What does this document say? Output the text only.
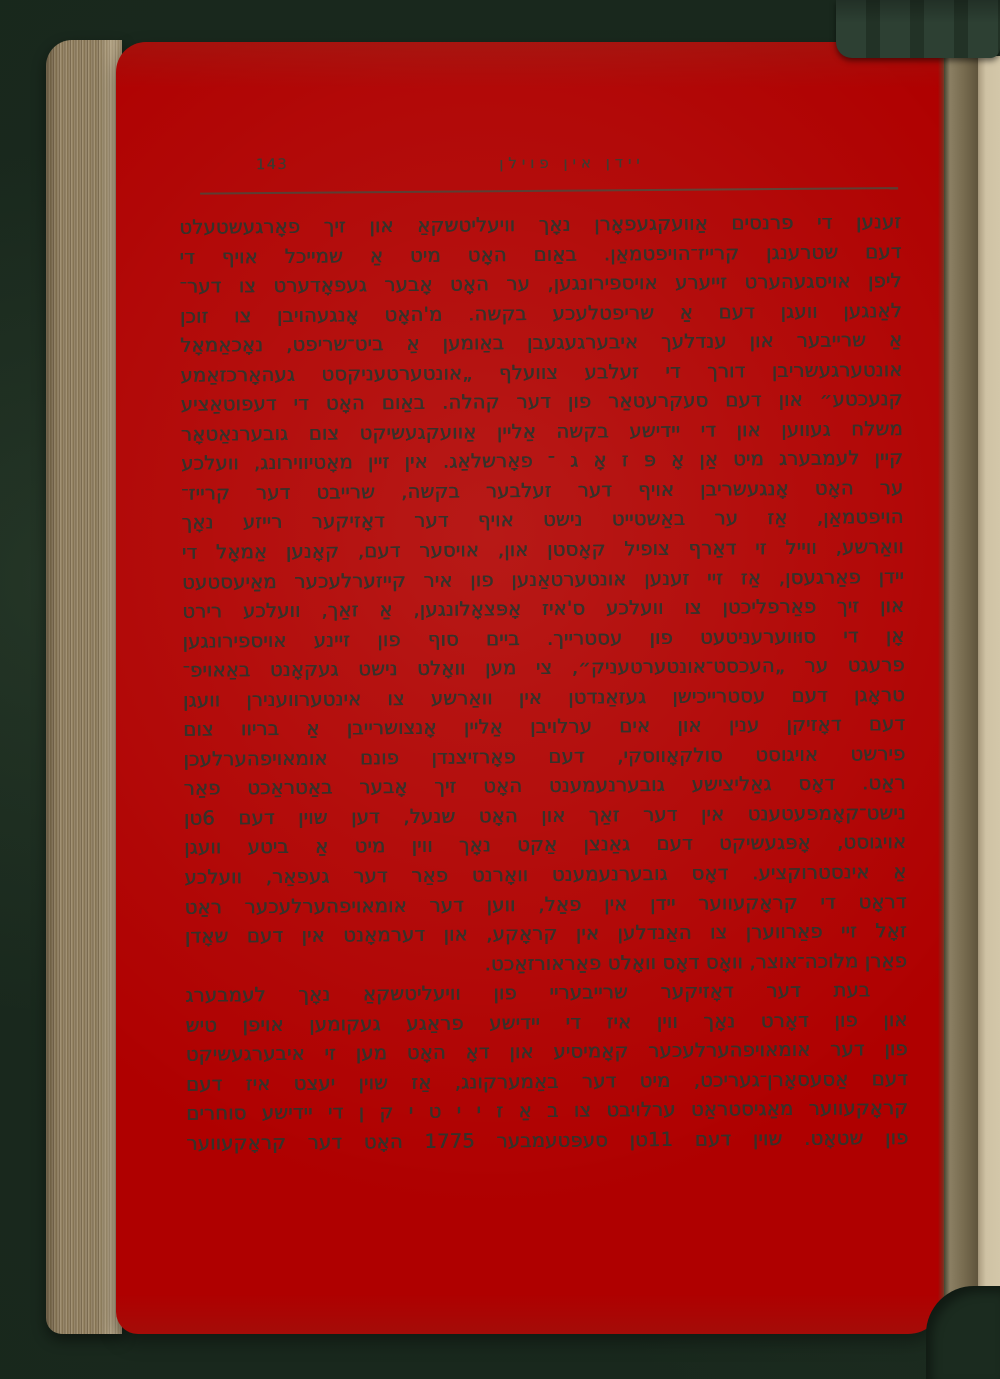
143	יידן אין פוילן
זענען די פרנסים אַוועקגעפאָרן נאָך וויעליטשקאַ און זיך פאָרגעשטעלט
דעם שטרענגן קרייז־הויפטמאַן. באַום האָט מיט אַ שמייכל אויף די
ליפן אויסגעהערט זייערע אויספירונגען, ער האָט אָבער געפאָדערט צו דער־
לאַנגען וועגן דעם אַ שריפטלעכע בקשה. מ'האָט אָנגעהויבן צו זוכן
אַ שרייבער און ענדלעך איבערגעגעבן באַומען אַ ביט־שריפט, נאָכאַמאָל
אונטערגעשריבן דורך די זעלבע צוועלף „אונטערטעניקסט געהאָרכזאַמע
קנעכטע״ און דעם סעקרעטאַר פון דער קהלה. באַום האָט די דעפוטאַציע
משלח געווען און די יידישע בקשה אַליין אַוועקגעשיקט צום גובערנאַטאָר
קיין לעמבערג מיט אַן אָ פּ ז אָ ג ־ פאָרשלאַג. אין זיין מאָטיווירונג, וועלכע
ער האָט אָנגעשריבן אויף דער זעלבער בקשה, שרייבט דער קרייז־
הויפטמאַן, אַז ער באַשטייט נישט אויף דער דאָזיקער רייזע נאָך
וואַרשע, ווייל זי דאַרף צופיל קאָסטן און, אויסער דעם, קאָנען אַמאָל די
יידן פאַרגעסן, אַז זיי זענען אונטערטאַנען פון איר קייזערלעכער מאַיעסטעט
און זיך פאַרפליכטן צו וועלכע ס'איז אָפּצאָלונגען, אַ זאַך, וועלכע רירט
אָן די סוּווערעניטעט פון עסטרייך. ביים סוף פון זיינע אויספירונגען
פרעגט ער „העכסט־אונטערטעניק״, צי מען וואָלט נישט געקאָנט באַאויפ־
טראָגן דעם עסטרייכישן געזאַנדטן אין וואַרשע צו אינטערווענירן וועגן
דעם דאָזיקן ענין און אים ערלויבן אַליין אָנצושרייבן אַ בריוו צום
פירשט אויגוסט סולקאָווסקי, דעם פאָרזיצנדן פונם אומאויפהערלעכן
ראַט. דאָס גאַליצישע גובערנעמענט האָט זיך אָבער באַטראַכט פאַר
נישט־קאָמפעטענט אין דער זאַך און האָט שנעל, דען שוין דעם 6טן
אויגוסט, אָפּגעשיקט דעם גאַנצן אַקט נאָך ווין מיט אַ ביטע וועגן
אַ אינסטרוקציע. דאָס גובערנעמענט וואָרנט פאַר דער געפאַר, וועלכע
דראָט די קראָקעווער יידן אין פאַל, ווען דער אומאויפהערלעכער ראַט
זאָל זיי פאַרווערן צו האַנדלען אין קראָקע, און דערמאָנט אין דעם שאָדן
פאַרן מלוכה־אוצר, וואָס דאָס וואָלט פאַראורזאַכט.
בעת דער דאָזיקער שרייבעריי פון וויעליטשקאַ נאָך לעמבערג
און פון דאָרט נאָך ווין איז די יידישע פראַגע געקומען אויפן טיש
פון דער אומאויפהערלעכער קאָמיסיע און דאָ האָט מען זי איבערגעשיקט
דעם אַסעסאָרן־געריכט, מיט דער באַמערקונג, אַז שוין יעצט איז דעם
קראָקעווער מאַגיסטראַט ערלויבט צו ב אַ ז י י ט י ק ן די יידישע סוחרים
פון שטאָט. שוין דעם 11טן סעפּטעמבער 1775 האָט דער קראָקעווער
